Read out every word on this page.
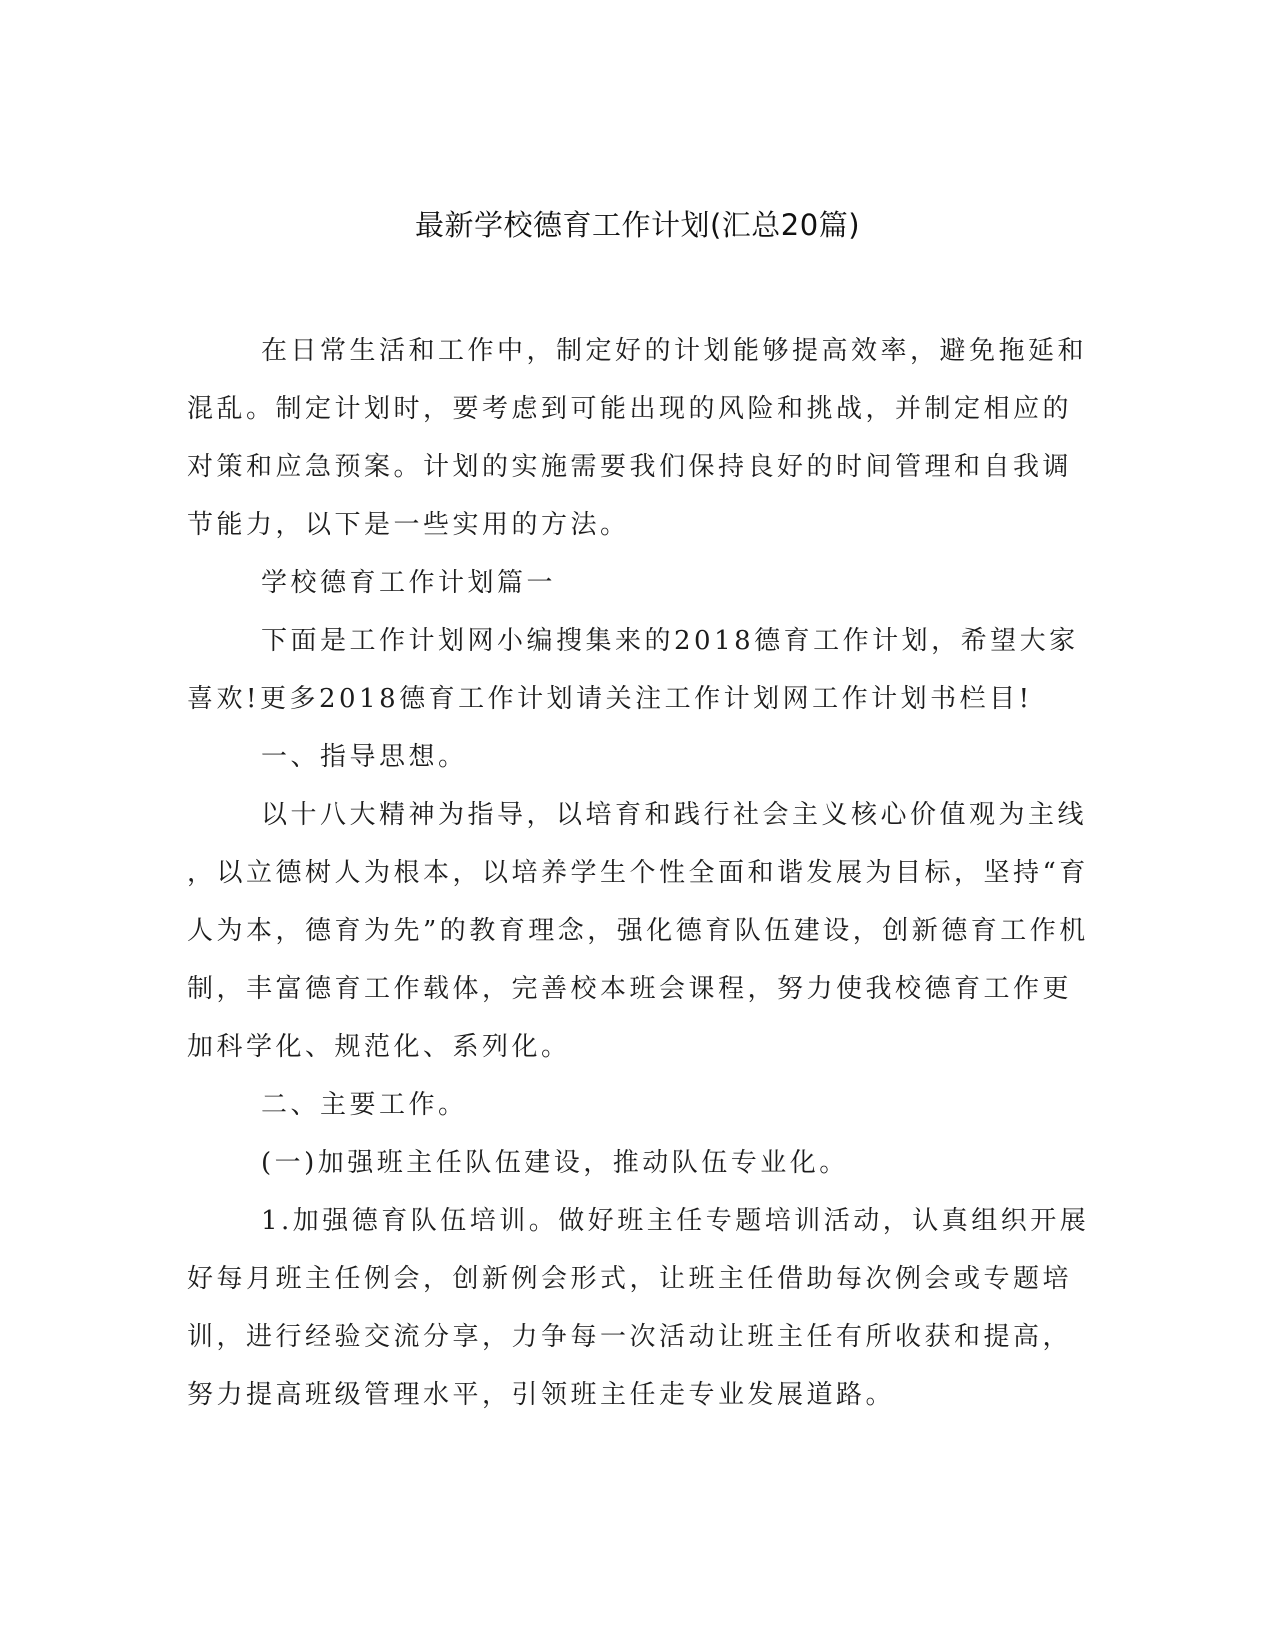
最新学校德育工作计划(汇总20篇)
在日常生活和工作中，制定好的计划能够提高效率，避免拖延和
混乱。制定计划时，要考虑到可能出现的风险和挑战，并制定相应的
对策和应急预案。计划的实施需要我们保持良好的时间管理和自我调
节能力，以下是一些实用的方法。
学校德育工作计划篇一
下面是工作计划网小编搜集来的2018德育工作计划，希望大家
喜欢!更多2018德育工作计划请关注工作计划网工作计划书栏目!
一、指导思想。
以十八大精神为指导，以培育和践行社会主义核心价值观为主线
，以立德树人为根本，以培养学生个性全面和谐发展为目标，坚持“育
人为本，德育为先”的教育理念，强化德育队伍建设，创新德育工作机
制，丰富德育工作载体，完善校本班会课程，努力使我校德育工作更
加科学化、规范化、系列化。
二、主要工作。
(一)加强班主任队伍建设，推动队伍专业化。
1.加强德育队伍培训。做好班主任专题培训活动，认真组织开展
好每月班主任例会，创新例会形式，让班主任借助每次例会或专题培
训，进行经验交流分享，力争每一次活动让班主任有所收获和提高，
努力提高班级管理水平，引领班主任走专业发展道路。
